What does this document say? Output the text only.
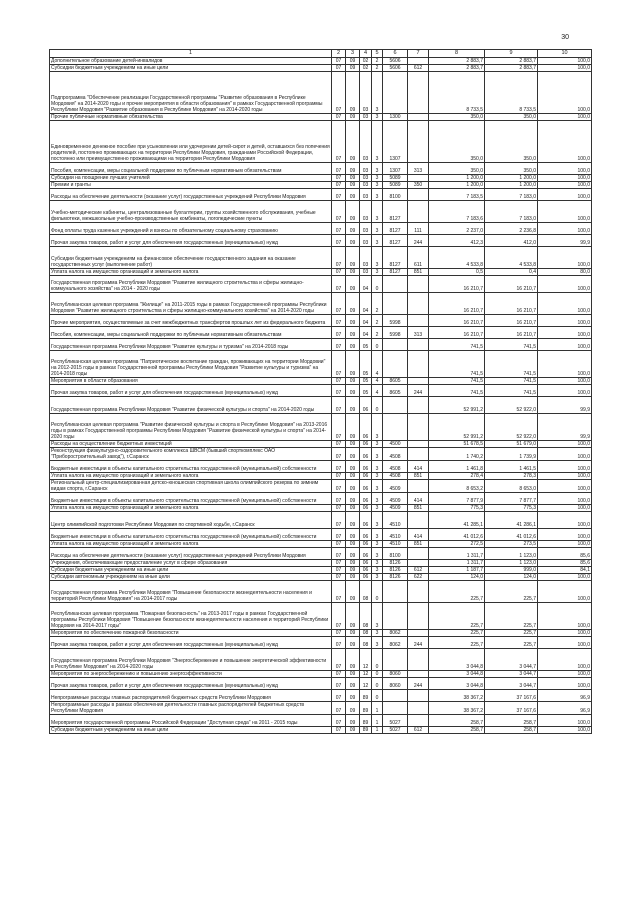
30
1	2	3	4	5	6	7	8	9	10
Дополнительное образование детей-инвалидов	07	09	02	2	5606		2 883,7	2 883,7	100,0
Субсидии бюджетным учреждениям на иные цели	07	09	02	2	5606	612	2 883,7	2 883,7	100,0
Подпрограмма "Обеспечение реализации Государственной программы "Развитие образования в Республике Мордовия" на 2014-2020 годы и прочие мероприятия в области образования" в рамках Государственной программы Республики Мордовия "Развитие образования в Республике Мордовия" на 2014-2020 годы	07	09	03	3			8 733,5	8 733,5	100,0
Прочие публичные нормативные обязательства	07	09	03	3	1300		350,0	350,0	100,0
Единовременное денежное пособие при усыновлении или удочерении детей-сирот и детей, оставшихся без попечения родителей, постоянно проживающих на территории Республики Мордовия, гражданами Российской Федерации, постоянно или преимущественно проживающими на территории Республики Мордовия	07	09	03	3	1307		350,0	350,0	100,0
Пособия, компенсации, меры социальной поддержки по публичным нормативным обязательствам	07	09	03	3	1307	313	350,0	350,0	100,0
Субсидии на поощрение лучших учителей	07	09	03	3	5089		1 200,0	1 200,0	100,0
Премии и гранты	07	09	03	3	5089	350	1 200,0	1 200,0	100,0
Расходы на обеспечение деятельности (оказание услуг) государственных учреждений Республики Мордовия	07	09	03	3	8100		7 183,5	7 183,0	100,0
Учебно-методические кабинеты, централизованные бухгалтерии, группы хозяйственного обслуживания, учебные фильмотеки, межшкольные учебно-производственные комбинаты, логопедические пункты	07	09	03	3	8127		7 183,6	7 183,0	100,0
Фонд оплаты труда казенных учреждений и взносы по обязательному социальному страхованию	07	09	03	3	8127	111	2 237,0	2 236,8	100,0
Прочая закупка товаров, работ и услуг для обеспечения государственных (муниципальных) нужд	07	09	03	3	8127	244	412,3	412,0	99,9
Субсидии бюджетным учреждениям на финансовое обеспечение государственного задания на оказание государственных услуг (выполнение работ)	07	09	03	3	8127	611	4 533,8	4 533,8	100,0
Уплата налога на имущество организаций и земельного налога	07	09	03	3	8127	851	0,5	0,4	80,0
Государственная программа Республики Мордовия "Развитие жилищного строительства и сферы жилищно-коммунального хозяйства" на 2014 - 2020 годы	07	09	04	0			16 210,7	16 210,7	100,0
Республиканская целевая программа "Жилище" на 2011-2015 годы в рамках Государственной программы Республики Мордовия "Развитие жилищного строительства и сферы жилищно-коммунального хозяйства" на 2014-2020 годы	07	09	04	2			16 210,7	16 210,7	100,0
Прочие мероприятия, осуществляемые за счет межбюджетных трансфертов прошлых лет из федерального бюджета	07	09	04	2	5998		16 210,7	16 210,7	100,0
Пособия, компенсации, меры социальной поддержки по публичным нормативным обязательствам	07	09	04	2	5998	313	16 210,7	16 210,7	100,0
Государственная программа Республики Мордовия "Развитие культуры и туризма" на 2014-2018 годы	07	09	05	0			741,5	741,5	100,0
Республиканская целевая программа "Патриотическое воспитание граждан, проживающих на территории Мордовии" на 2012-2015 годы в рамках Государственной программы Республики Мордовия "Развитие культуры и туризма" на 2014-2018 годы	07	09	05	4			741,5	741,5	100,0
Мероприятия в области образования	07	09	05	4	8605		741,5	741,5	100,0
Прочая закупка товаров, работ и услуг для обеспечения государственных (муниципальных) нужд	07	09	05	4	8605	244	741,5	741,5	100,0
Государственная программа Республики Мордовия "Развитие физической культуры и спорта" на 2014-2020 годы	07	09	06	0			52 991,2	52 922,0	99,9
Республиканская целевая программа "Развитие физической культуры и спорта в Республике Мордовия" на 2013-2016 годы в рамках Государственной программы Республики Мордовия "Развитие физической культуры и спорта" на 2014-2020 годы	07	09	06	3			52 991,2	52 922,0	99,9
Расходы на осуществление бюджетных инвестиций	07	09	06	3	4500		51 678,5	51 679,0	100,0
Реконструкция физкультурно-оздоровительного комплекса ШВСМ (бывший спорткомплекс ОАО "Приборостроительный завод"), г.Саранск	07	09	06	3	4508		1 740,2	1 739,9	100,0
Бюджетные инвестиции в объекты капитального строительства государственной (муниципальной) собственности	07	09	06	3	4508	414	1 461,8	1 461,5	100,0
Уплата налога на имущество организаций и земельного налога	07	09	06	3	4508	851	278,4	278,3	100,0
Региональный центр-специализированная детско-юношеская спортивная школа олимпийского резерва по зимним видам спорта, г.Саранск	07	09	06	3	4509		8 653,2	8 653,0	100,0
Бюджетные инвестиции в объекты капитального строительства государственной (муниципальной) собственности	07	09	06	3	4509	414	7 877,9	7 877,7	100,0
Уплата налога на имущество организаций и земельного налога	07	09	06	3	4509	851	775,3	775,3	100,0
Центр олимпийской подготовки Республики Мордовия по спортивной ходьбе, г.Саранск	07	09	06	3	4510		41 285,1	41 286,1	100,0
Бюджетные инвестиции в объекты капитального строительства государственной (муниципальной) собственности	07	09	06	3	4510	414	41 012,6	41 012,6	100,0
Уплата налога на имущество организаций и земельного налога	07	09	06	3	4510	851	272,5	273,5	100,0
Расходы на обеспечение деятельности (оказание услуг) государственных учреждений Республики Мордовия	07	09	06	3	8100		1 311,7	1 123,0	85,6
Учреждения, обеспечивающие предоставление услуг в сфере образования	07	09	06	3	8126		1 311,7	1 123,0	85,6
Субсидии бюджетным учреждениям на иные цели	07	09	06	3	8126	612	1 187,7	999,0	84,1
Субсидии автономным учреждениям на иные цели	07	09	06	3	8126	622	124,0	124,0	100,0
Государственная программа Республики Мордовия "Повышение безопасности жизнедеятельности населения и территорий Республики Мордовия" на 2014-2017 годы	07	09	08	0			225,7	225,7	100,0
Республиканская целевая программа "Пожарная безопасность" на 2013-2017 годы в рамках Государственной программы Республики Мордовия "Повышение безопасности жизнедеятельности населения и территорий Республики Мордовия на 2014-2017 годы"	07	09	08	3			225,7	225,7	100,0
Мероприятия по обеспечению пожарной безопасности	07	09	08	3	8062		225,7	225,7	100,0
Прочая закупка товаров, работ и услуг для обеспечения государственных (муниципальных) нужд	07	09	08	3	8062	244	225,7	225,7	100,0
Государственная программа Республики Мордовия "Энергосбережение и повышение энергетической эффективности в Республике Мордовия" на 2014-2020 годы	07	09	12	0			3 044,8	3 044,7	100,0
Мероприятия по энергосбережению и повышению энергоэффективности	07	09	12	0	8060		3 044,8	3 044,7	100,0
Прочая закупка товаров, работ и услуг для обеспечения государственных (муниципальных) нужд	07	09	12	0	8060	244	3 044,8	3 044,7	100,0
Непрограммные расходы главных распорядителей бюджетных средств Республики Мордовия	07	09	89	0			38 367,2	37 167,6	96,9
Непрограммные расходы в рамках обеспечения деятельности главных распорядителей бюджетных средств Республики Мордовия	07	09	89	1			38 367,2	37 167,6	96,9
Мероприятия государственной программы Российской Федерации "Доступная среда" на 2011 - 2015 годы	07	09	89	1	5027		258,7	258,7	100,0
Субсидии бюджетным учреждениям на иные цели	07	09	89	1	5027	612	258,7	258,7	100,0
